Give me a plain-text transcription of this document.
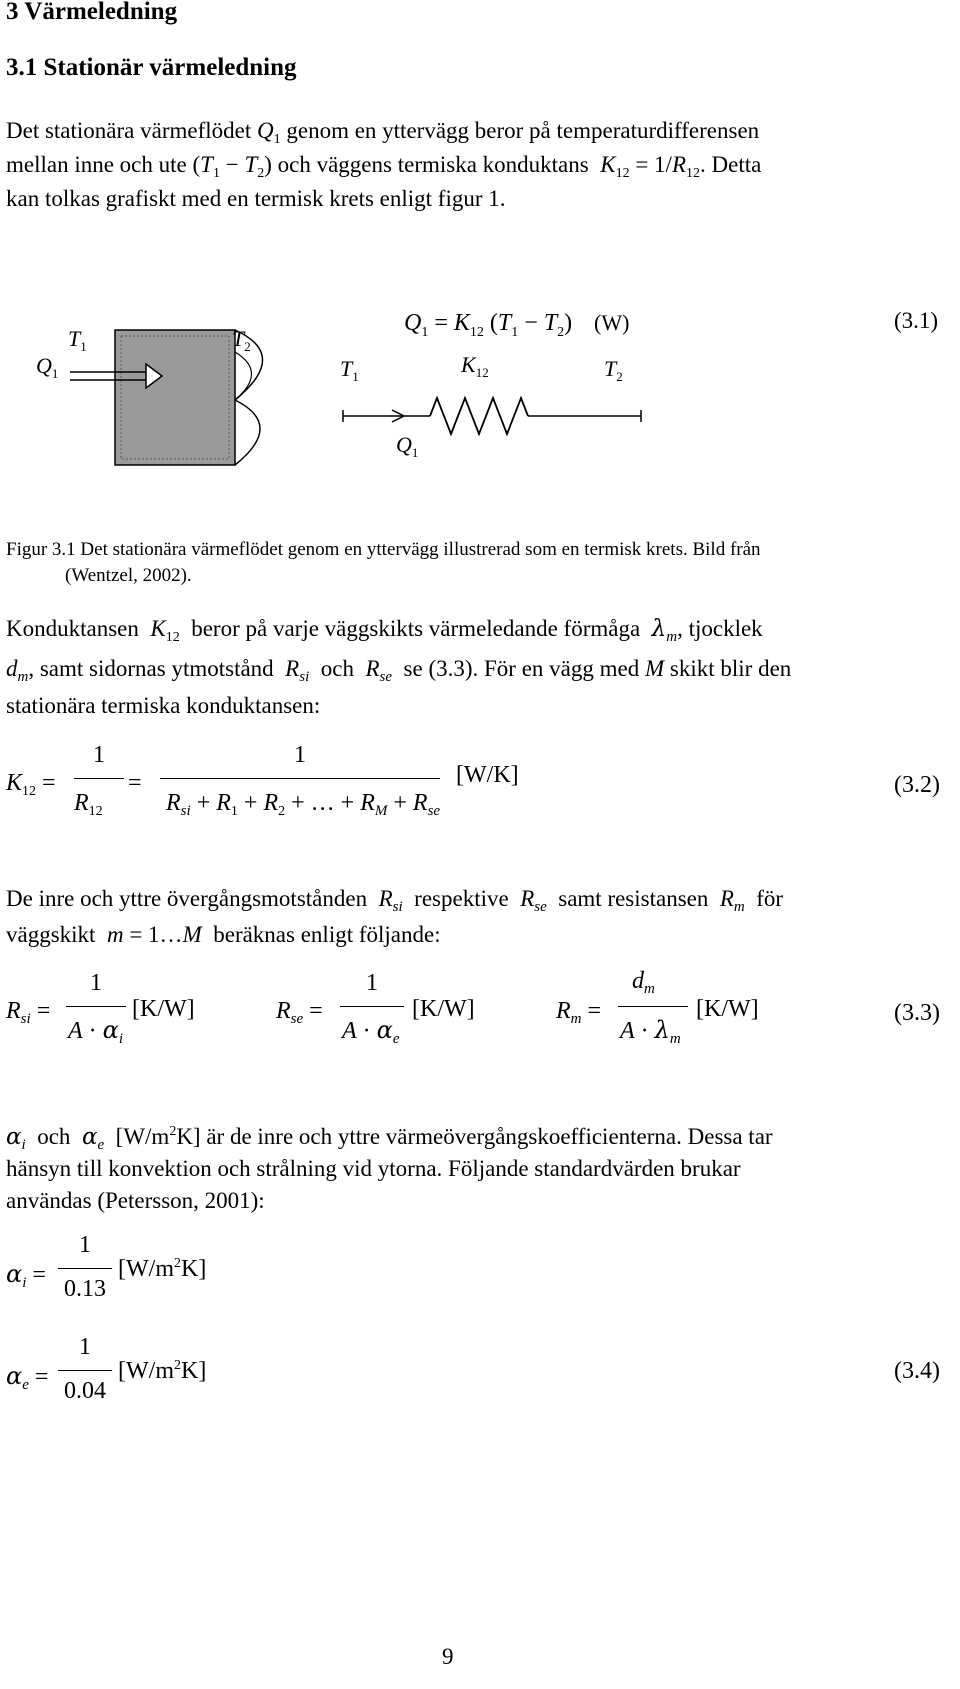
3 Värmeledning
3.1 Stationär värmeledning
Det stationära värmeflödet $Q_1$ genom en yttervägg beror på temperaturdifferensen
mellan inne och ute $(T_1 - T_2)$ och väggens termiska konduktans $K_{12} = 1/R_{12}$. Detta
kan tolkas grafiskt med en termisk krets enligt figur 1.
$T_1$	$T_2$
$Q_1$
$Q_1 = K_{12}$ $(T_1 - T_2)$ (W)	(3.1)
$T_1$	$K_{12}$	$T_2$
$Q_1$
Figur 3.1 Det stationära värmeflödet genom en yttervägg illustrerad som en termisk krets. Bild från
(Wentzel, 2002).
Konduktansen $K_{12}$ beror på varje väggskikts värmeledande förmåga $\lambda_m$, tjocklek
$d_m$, samt sidornas ytmotstånd $R_{si}$ och $R_{se}$ se (3.3). För en vägg med M skikt blir den
stationära termiska konduktansen:
$K_{12}$ =
1
$R_{12}$
=
1
$R_{si} + R_1 + R_2$ + … + $R_M + R_{se}$
[W/K]	(3.2)
De inre och yttre övergångsmotstånden $R_{si}$ respektive $R_{se}$ samt resistansen $R_m$ för
väggskikt m = 1…M beräknas enligt följande:
$R_{si}$ =
1
$A \cdot \alpha_i$
[K/W]	$R_{se}$ =
1
$A \cdot \alpha_e$
[K/W]	$R_m$ =
$d_m$
$A \cdot \lambda_m$
[K/W]	(3.3)
$\alpha_i$ och $\alpha_e$ $[W/m^2K]$ är de inre och yttre värmeövergångskoefficienterna. Dessa tar
hänsyn till konvektion och strålning vid ytorna. Följande standardvärden brukar
användas (Petersson, 2001):
$\alpha_i$ =
1
0.13
$[W/m^2K]$
$\alpha_e$ =
1
0.04
$[W/m^2K]$	(3.4)
9
